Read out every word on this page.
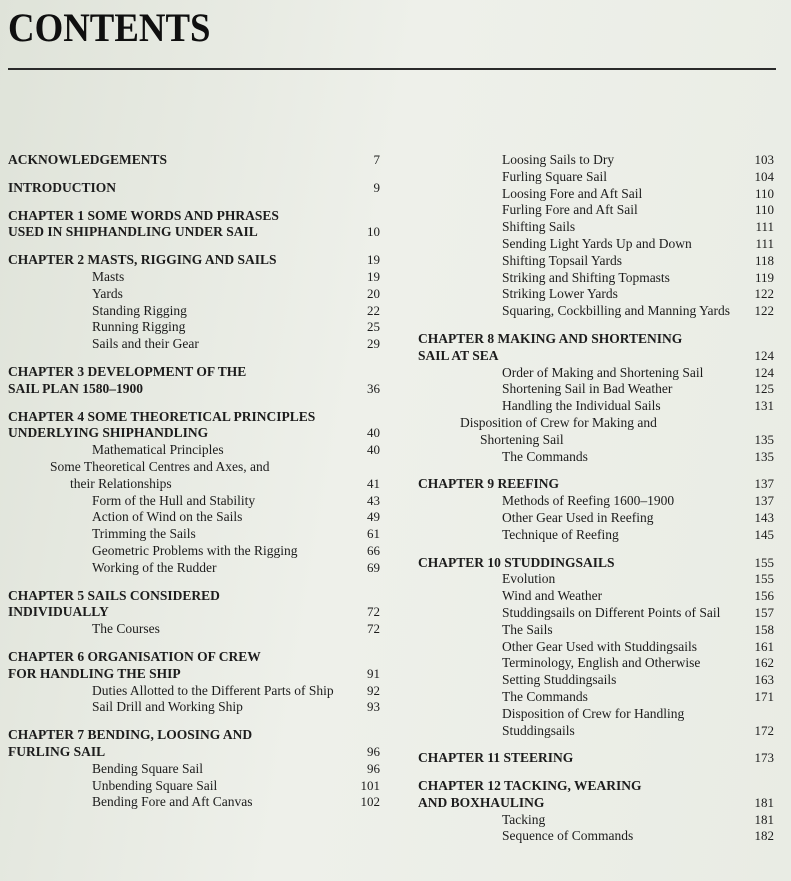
CONTENTS
ACKNOWLEDGEMENTS	7
INTRODUCTION	9
CHAPTER 1 SOME WORDS AND PHRASES
USED IN SHIPHANDLING UNDER SAIL	10
CHAPTER 2 MASTS, RIGGING AND SAILS	19
Masts	19
Yards	20
Standing Rigging	22
Running Rigging	25
Sails and their Gear	29
CHAPTER 3 DEVELOPMENT OF THE
SAIL PLAN 1580–1900	36
CHAPTER 4 SOME THEORETICAL PRINCIPLES
UNDERLYING SHIPHANDLING	40
Mathematical Principles	40
Some Theoretical Centres and Axes, and
their Relationships	41
Form of the Hull and Stability	43
Action of Wind on the Sails	49
Trimming the Sails	61
Geometric Problems with the Rigging	66
Working of the Rudder	69
CHAPTER 5 SAILS CONSIDERED
INDIVIDUALLY	72
The Courses	72
CHAPTER 6 ORGANISATION OF CREW
FOR HANDLING THE SHIP	91
Duties Allotted to the Different Parts of Ship	92
Sail Drill and Working Ship	93
CHAPTER 7 BENDING, LOOSING AND
FURLING SAIL	96
Bending Square Sail	96
Unbending Square Sail	101
Bending Fore and Aft Canvas	102
Loosing Sails to Dry	103
Furling Square Sail	104
Loosing Fore and Aft Sail	110
Furling Fore and Aft Sail	110
Shifting Sails	111
Sending Light Yards Up and Down	111
Shifting Topsail Yards	118
Striking and Shifting Topmasts	119
Striking Lower Yards	122
Squaring, Cockbilling and Manning Yards	122
CHAPTER 8 MAKING AND SHORTENING
SAIL AT SEA	124
Order of Making and Shortening Sail	124
Shortening Sail in Bad Weather	125
Handling the Individual Sails	131
Disposition of Crew for Making and
Shortening Sail	135
The Commands	135
CHAPTER 9 REEFING	137
Methods of Reefing 1600–1900	137
Other Gear Used in Reefing	143
Technique of Reefing	145
CHAPTER 10 STUDDINGSAILS	155
Evolution	155
Wind and Weather	156
Studdingsails on Different Points of Sail	157
The Sails	158
Other Gear Used with Studdingsails	161
Terminology, English and Otherwise	162
Setting Studdingsails	163
The Commands	171
Disposition of Crew for Handling Studdingsails	172
CHAPTER 11 STEERING	173
CHAPTER 12 TACKING, WEARING
AND BOXHAULING	181
Tacking	181
Sequence of Commands	182
